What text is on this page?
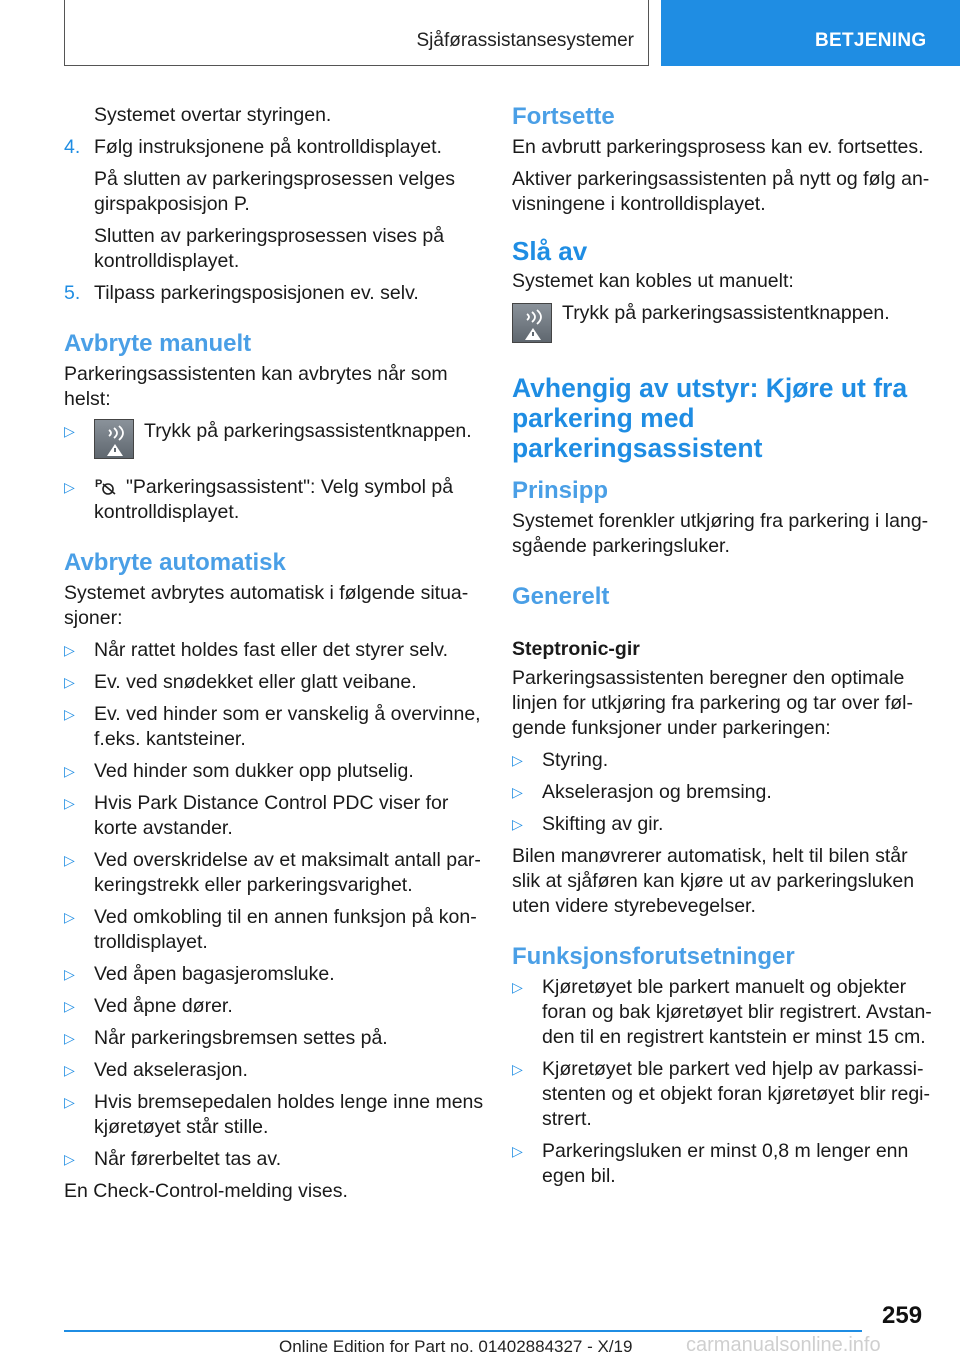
Sjåførassistansesystemer	BETJENING

Systemet overtar styringen.

4. Følg instruksjonene på kontrolldisplayet.

På slutten av parkeringsprosessen velges girspakposisjon P.

Slutten av parkeringsprosessen vises på kontrolldisplayet.

5. Tilpass parkeringsposisjonen ev. selv.
Avbryte manuelt

Parkeringsassistenten kan avbrytes når som helst:

▷	Trykk på parkeringsassistentknappen.
▷ P "Parkeringsassistent": Velg symbol på kontrolldisplayet.
Avbryte automatisk

Systemet avbrytes automatisk i følgende situasjoner:

▷ Når rattet holdes fast eller det styrer selv.
▷ Ev. ved snødekket eller glatt veibane.
▷ Ev. ved hinder som er vanskelig å overvinne, f.eks. kantsteiner.
▷ Ved hinder som dukker opp plutselig.
▷ Hvis Park Distance Control PDC viser for korte avstander.
▷ Ved overskridelse av et maksimalt antall parkeringstrekk eller parkeringsvarighet.
▷ Ved omkobling til en annen funksjon på kontrolldisplayet.
▷ Ved åpen bagasjeromsluke.
▷ Ved åpne dører.
▷ Når parkeringsbremsen settes på.
▷ Ved akselerasjon.
▷ Hvis bremsepedalen holdes lenge inne mens kjøretøyet står stille.
▷ Når førerbeltet tas av.

En Check-Control-melding vises.

Fortsette

En avbrutt parkeringsprosess kan ev. fortsettes.

Aktiver parkeringsassistenten på nytt og følg anvisningene i kontrolldisplayet.

Slå av

Systemet kan kobles ut manuelt:

Trykk på parkeringsassistentknappen.
Avhengig av utstyr: Kjøre ut fra parkering med parkeringsassistent
Prinsipp

Systemet forenkler utkjøring fra parkering i langsgående parkeringsluker.

Generelt
Steptronic-gir

Parkeringsassistenten beregner den optimale linjen for utkjøring fra parkering og tar over følgende funksjoner under parkeringen:

▷ Styring.
▷ Akselerasjon og bremsing.
▷ Skifting av gir.

Bilen manøvrerer automatisk, helt til bilen står slik at sjåføren kan kjøre ut av parkeringsluken uten videre styrebevegelser.

Funksjonsforutsetninger
▷ Kjøretøyet ble parkert manuelt og objekter foran og bak kjøretøyet blir registrert. Avstanden til en registrert kantstein er minst 15 cm.
▷ Kjøretøyet ble parkert ved hjelp av parkassistenten og et objekt foran kjøretøyet blir registrert.
▷ Parkeringsluken er minst 0,8 m lenger enn egen bil.
259
Online Edition for Part no. 01402884327 - X/19	carmanualsonline.info
